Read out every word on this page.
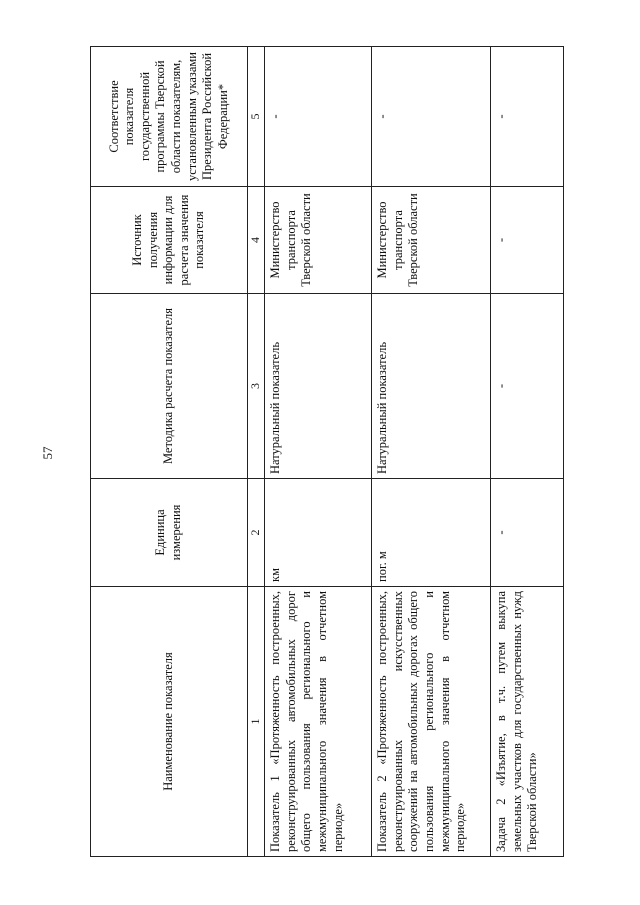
57
Наименование показателя	Единица измерения	Методика расчета показателя	Источник получения информации для расчета значения показателя	Соответствие показателя государственной программы Тверской области показателям, установленным указами Президента Российской Федерации*
1	2	3	4	5
Показатель 1 «Протяженность построенных, реконструированных автомобильных дорог общего пользования регионального и межмуниципального значения в отчетном периоде»	км	Натуральный показатель	Министерство транспорта Тверской области	-
Показатель 2 «Протяженность построенных, реконструированных искусственных сооружений на автомобильных дорогах общего пользования регионального и межмуниципального значения в отчетном периоде»	пог. м	Натуральный показатель	Министерство транспорта Тверской области	-
Задача 2 «Изъятие, в т.ч. путем выкупа земельных участков для государственных нужд Тверской области»	-	-	-	-
